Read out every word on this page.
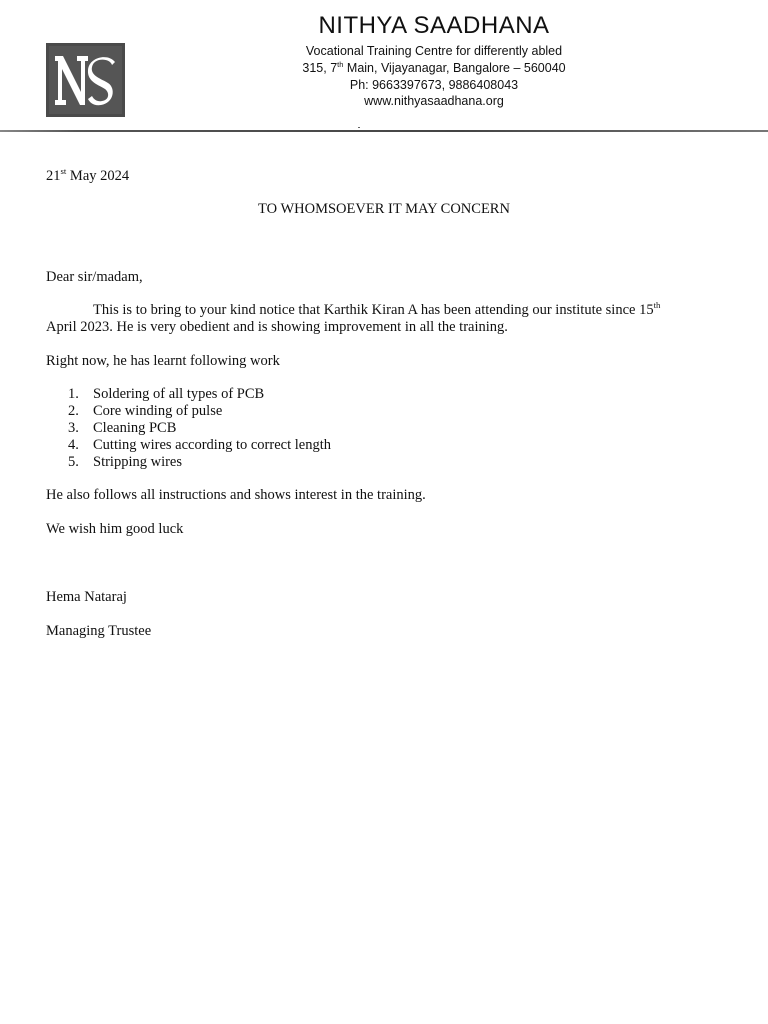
NITHYA SAADHANA
Vocational Training Centre for differently abled
315, 7th Main, Vijayanagar, Bangalore – 560040
Ph: 9663397673, 9886408043
www.nithyasaadhana.org
21st May 2024
TO WHOMSOEVER IT MAY CONCERN
Dear sir/madam,
This is to bring to your kind notice that Karthik Kiran A has been attending our institute since 15th
April 2023. He is very obedient and is showing improvement in all the training.
Right now, he has learnt following work
1. Soldering of all types of PCB
2. Core winding of pulse
3. Cleaning PCB
4. Cutting wires according to correct length
5. Stripping wires
He also follows all instructions and shows interest in the training.
We wish him good luck
Hema Nataraj
Managing Trustee
